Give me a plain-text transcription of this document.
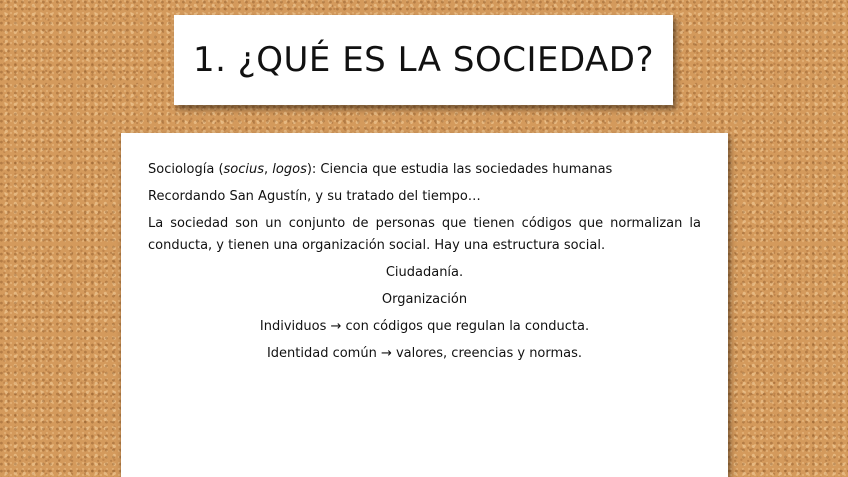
1. ¿QUÉ ES LA SOCIEDAD?

Sociología (socius, logos): Ciencia que estudia las sociedades humanas

Recordando San Agustín, y su tratado del tiempo…

La sociedad son un conjunto de personas que tienen códigos que normalizan la conducta, y tienen una organización social. Hay una estructura social.

Ciudadanía.

Organización

Individuos → con códigos que regulan la conducta.

Identidad común → valores, creencias y normas.
